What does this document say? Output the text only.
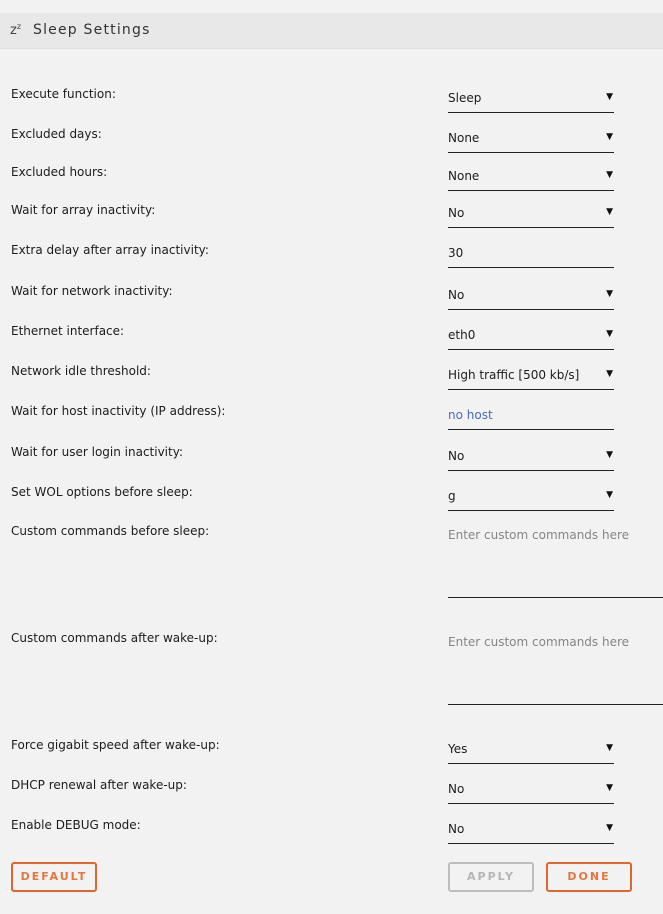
$z^z$ Sleep Settings
Execute function:	Sleep	▼
Excluded days:	None	▼
Excluded hours:	None	▼
Wait for array inactivity:	No	▼
Extra delay after array inactivity:	30
Wait for network inactivity:	No	▼
Ethernet interface:	eth0	▼
Network idle threshold:	High traffic [500 kb/s]	▼
Wait for host inactivity (IP address):	no host
Wait for user login inactivity:	No	▼
Set WOL options before sleep:	g	▼
Custom commands before sleep:	Enter custom commands here
Custom commands after wake-up:	Enter custom commands here
Force gigabit speed after wake-up:	Yes	▼
DHCP renewal after wake-up:	No	▼
Enable DEBUG mode:	No	▼
DEFAULT	APPLY	DONE
